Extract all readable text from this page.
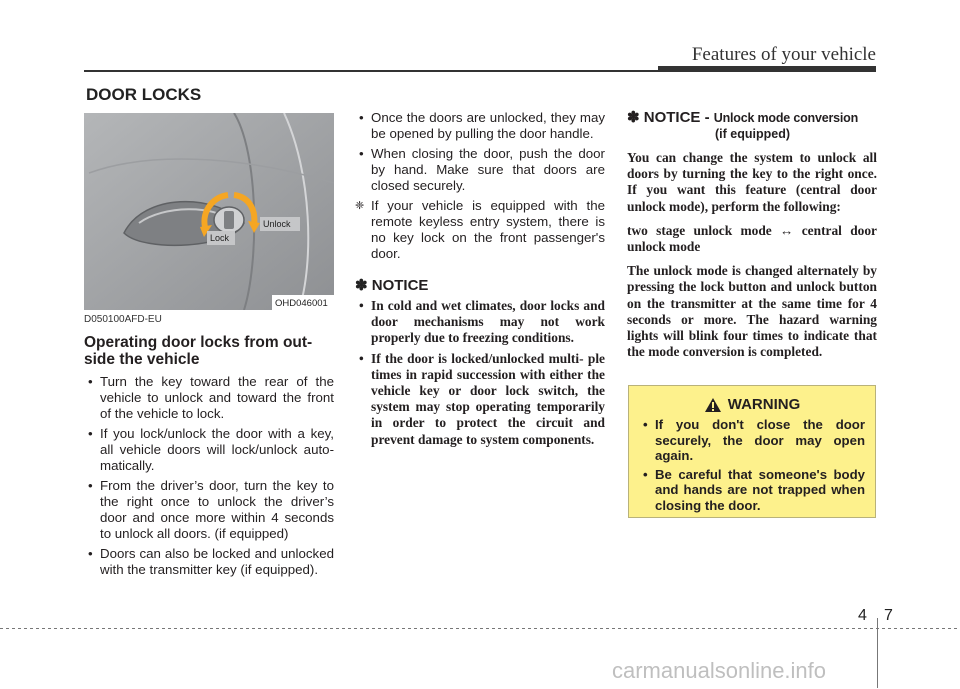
Features of your vehicle
DOOR LOCKS
Lock
Unlock
OHD046001
D050100AFD-EU
Operating door locks from out- side the vehicle
• Turn the key toward the rear of the vehicle to unlock and toward the front of the vehicle to lock.
• If you lock/unlock the door with a key, all vehicle doors will lock/unlock auto- matically.
• From the driver’s door, turn the key to the right once to unlock the driver’s door and once more within 4 seconds to unlock all doors. (if equipped)
• Doors can also be locked and unlocked with the transmitter key (if equipped).
• Once the doors are unlocked, they may be opened by pulling the door handle.
• When closing the door, push the door by hand. Make sure that doors are closed securely.
❈ If your vehicle is equipped with the remote keyless entry system, there is no key lock on the front passenger's door.
✽ NOTICE
• In cold and wet climates, door locks and door mechanisms may not work properly due to freezing conditions.
• If the door is locked/unlocked multi- ple times in rapid succession with either the vehicle key or door lock switch, the system may stop operating temporarily in order to protect the circuit and prevent damage to system components.
✽ NOTICE - Unlock mode conversion
(if equipped)

You can change the system to unlock all doors by turning the key to the right once. If you want this feature (central door unlock mode), perform the following:

two stage unlock mode ↔ central door unlock mode

The unlock mode is changed alternately by pressing the lock button and unlock button on the transmitter at the same time for 4 seconds or more. The hazard warning lights will blink four times to indicate that the mode conversion is completed.

WARNING
• If you don't close the door securely, the door may open again.
• Be careful that someone's body and hands are not trapped when closing the door.
4 7
carmanualsonline.info
